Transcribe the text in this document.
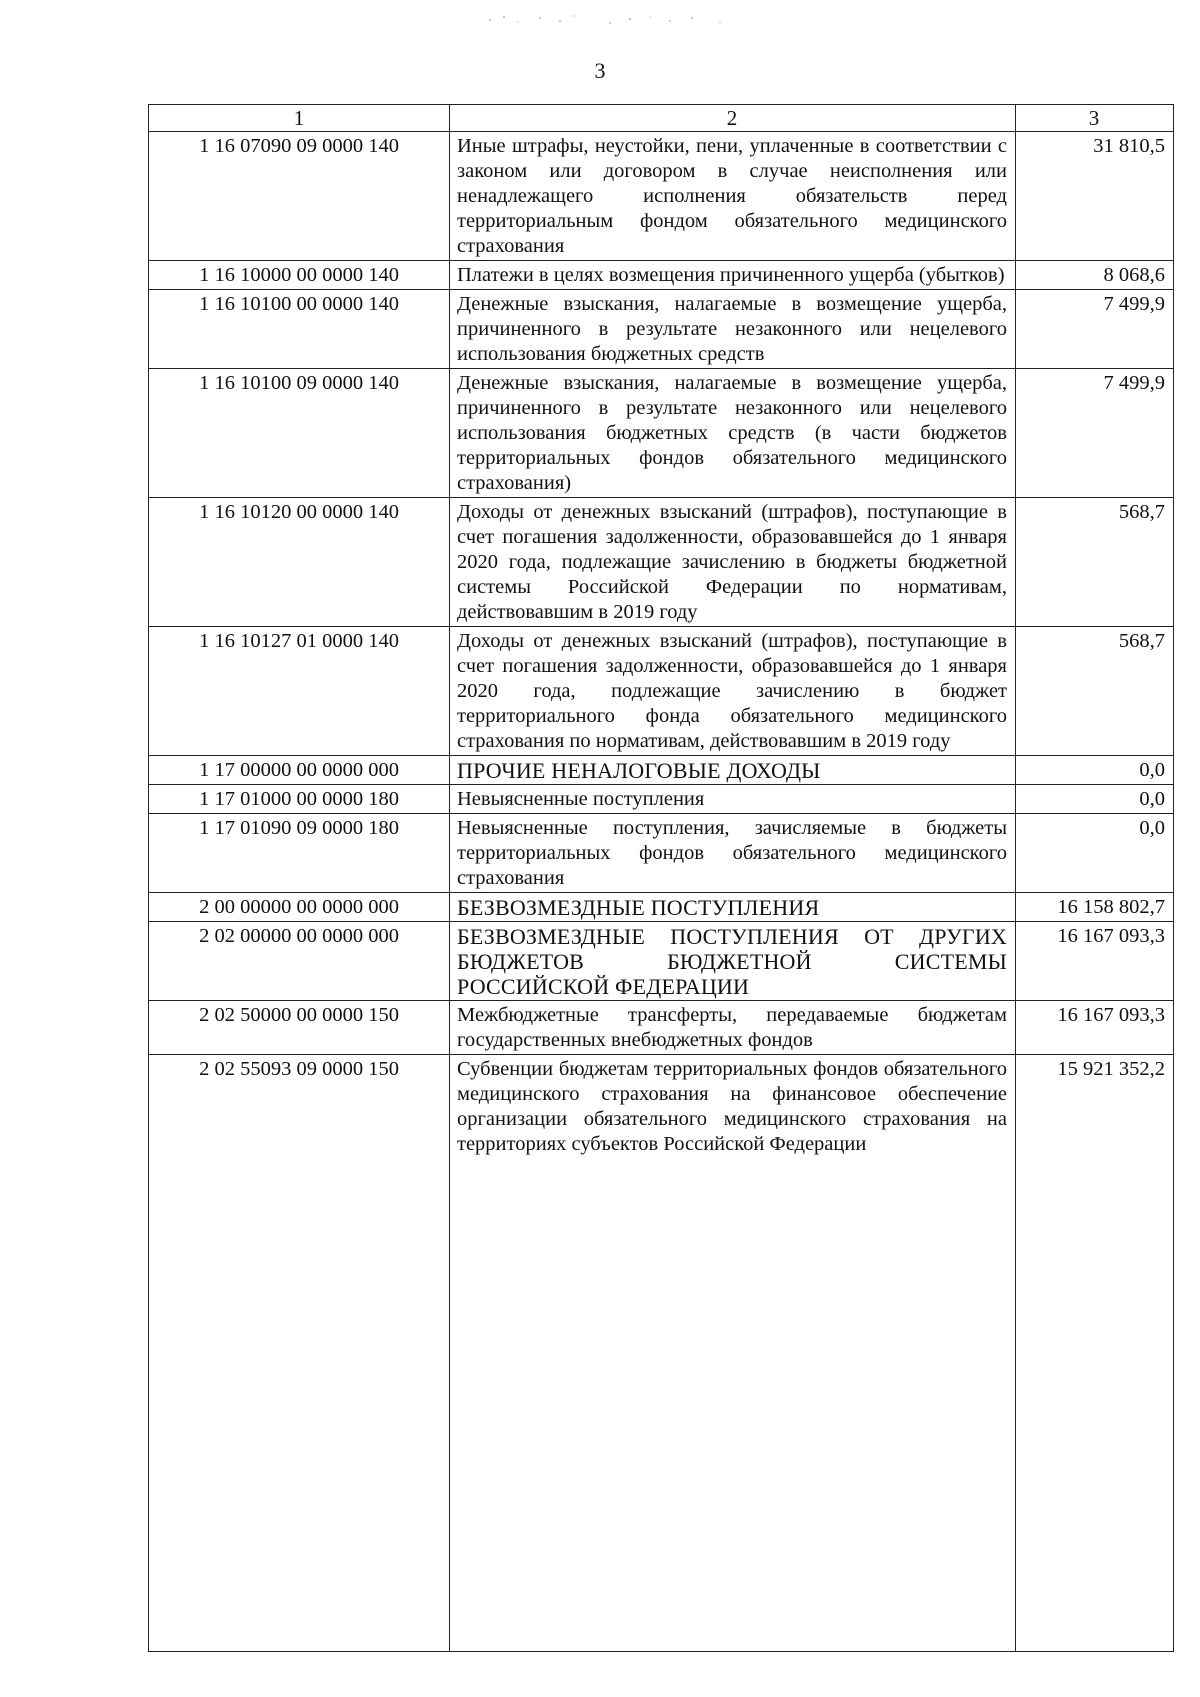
3
1	2	3
1 16 07090 09 0000 140	Иные штрафы, неустойки, пени, уплаченные в соответствии с законом или договором в случае неисполнения или ненадлежащего исполнения обязательств перед территориальным фондом обязательного медицинского страхования	31 810,5
1 16 10000 00 0000 140	Платежи в целях возмещения причиненного ущерба (убытков)	8 068,6
1 16 10100 00 0000 140	Денежные взыскания, налагаемые в возмещение ущерба, причиненного в результате незаконного или нецелевого использования бюджетных средств	7 499,9
1 16 10100 09 0000 140	Денежные взыскания, налагаемые в возмещение ущерба, причиненного в результате незаконного или нецелевого использования бюджетных средств (в части бюджетов территориальных фондов обязательного медицинского страхования)	7 499,9
1 16 10120 00 0000 140	Доходы от денежных взысканий (штрафов), поступающие в счет погашения задолженности, образовавшейся до 1 января 2020 года, подлежащие зачислению в бюджеты бюджетной системы Российской Федерации по нормативам, действовавшим в 2019 году	568,7
1 16 10127 01 0000 140	Доходы от денежных взысканий (штрафов), поступающие в счет погашения задолженности, образовавшейся до 1 января 2020 года, подлежащие зачислению в бюджет территориального фонда обязательного медицинского страхования по нормативам, действовавшим в 2019 году	568,7
1 17 00000 00 0000 000	ПРОЧИЕ НЕНАЛОГОВЫЕ ДОХОДЫ	0,0
1 17 01000 00 0000 180	Невыясненные поступления	0,0
1 17 01090 09 0000 180	Невыясненные поступления, зачисляемые в бюджеты территориальных фондов обязательного медицинского страхования	0,0
2 00 00000 00 0000 000	БЕЗВОЗМЕЗДНЫЕ ПОСТУПЛЕНИЯ	16 158 802,7
2 02 00000 00 0000 000	БЕЗВОЗМЕЗДНЫЕ ПОСТУПЛЕНИЯ ОТ ДРУГИХ БЮДЖЕТОВ БЮДЖЕТНОЙ СИСТЕМЫ РОССИЙСКОЙ ФЕДЕРАЦИИ	16 167 093,3
2 02 50000 00 0000 150	Межбюджетные трансферты, передаваемые бюджетам государственных внебюджетных фондов	16 167 093,3
2 02 55093 09 0000 150	Субвенции бюджетам территориальных фондов обязательного медицинского страхования на финансовое обеспечение организации обязательного медицинского страхования на территориях субъектов Российской Федерации	15 921 352,2
